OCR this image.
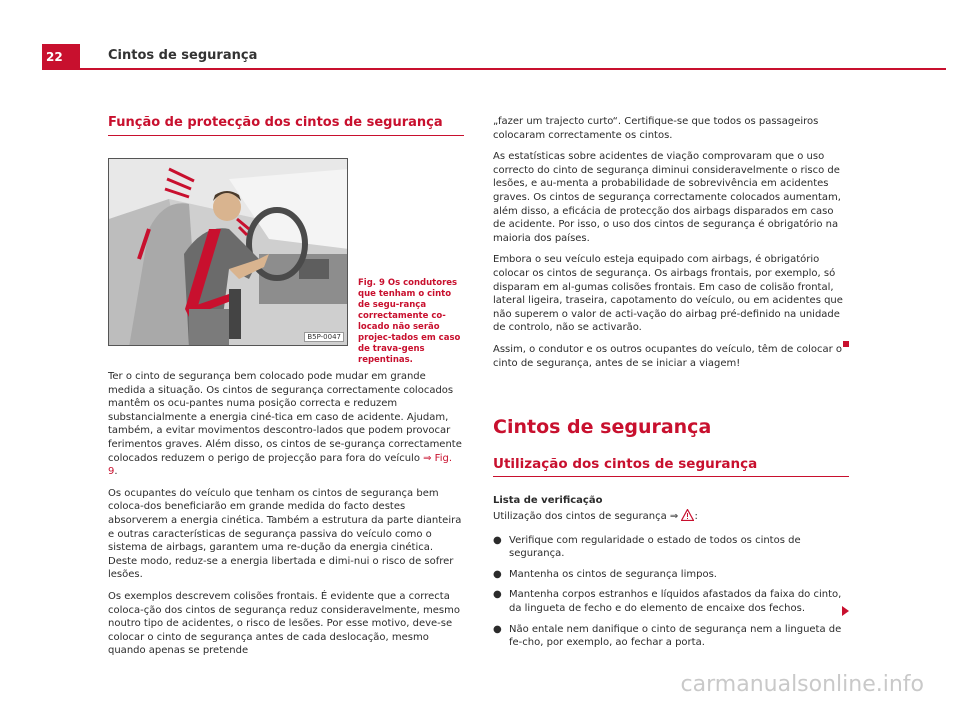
22	Cintos de segurança
Função de protecção dos cintos de segurança
B5P-0047
Fig. 9 Os condutores que tenham o cinto de segu-rança correctamente co-locado não serão projec-tados em caso de trava-gens repentinas.

Ter o cinto de segurança bem colocado pode mudar em grande medida a situação. Os cintos de segurança correctamente colocados mantêm os ocu-pantes numa posição correcta e reduzem substancialmente a energia ciné-tica em caso de acidente. Ajudam, também, a evitar movimentos descontro-lados que podem provocar ferimentos graves. Além disso, os cintos de se-gurança correctamente colocados reduzem o perigo de projecção para fora do veículo ⇒ Fig. 9.

Os ocupantes do veículo que tenham os cintos de segurança bem coloca-dos beneficiarão em grande medida do facto destes absorverem a energia cinética. Também a estrutura da parte dianteira e outras características de segurança passiva do veículo como o sistema de airbags, garantem uma re-dução da energia cinética. Deste modo, reduz-se a energia libertada e dimi-nui o risco de sofrer lesões.

Os exemplos descrevem colisões frontais. É evidente que a correcta coloca-ção dos cintos de segurança reduz consideravelmente, mesmo noutro tipo de acidentes, o risco de lesões. Por esse motivo, deve-se colocar o cinto de segurança antes de cada deslocação, mesmo quando apenas se pretende

„fazer um trajecto curto“. Certifique-se que todos os passageiros colocaram correctamente os cintos.

As estatísticas sobre acidentes de viação comprovaram que o uso correcto do cinto de segurança diminui consideravelmente o risco de lesões, e au-menta a probabilidade de sobrevivência em acidentes graves. Os cintos de segurança correctamente colocados aumentam, além disso, a eficácia de protecção dos airbags disparados em caso de acidente. Por isso, o uso dos cintos de segurança é obrigatório na maioria dos países.

Embora o seu veículo esteja equipado com airbags, é obrigatório colocar os cintos de segurança. Os airbags frontais, por exemplo, só disparam em al-gumas colisões frontais. Em caso de colisão frontal, lateral ligeira, traseira, capotamento do veículo, ou em acidentes que não superem o valor de acti-vação do airbag pré-definido na unidade de controlo, não se activarão.

Assim, o condutor e os outros ocupantes do veículo, têm de colocar o cinto de segurança, antes de se iniciar a viagem!

Cintos de segurança
Utilização dos cintos de segurança

Lista de verificação

Utilização dos cintos de segurança ⇒ :

● Verifique com regularidade o estado de todos os cintos de segurança.
● Mantenha os cintos de segurança limpos.
● Mantenha corpos estranhos e líquidos afastados da faixa do cinto, da lingueta de fecho e do elemento de encaixe dos fechos.
● Não entale nem danifique o cinto de segurança nem a lingueta de fe-cho, por exemplo, ao fechar a porta.
carmanualsonline.info
